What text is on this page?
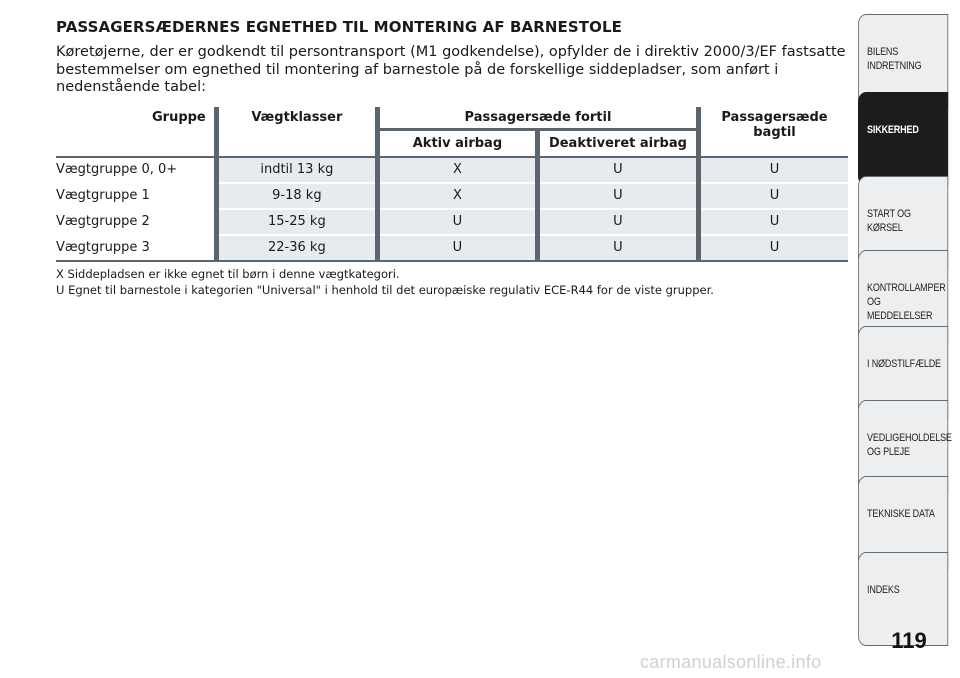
PASSAGERSÆDERNES EGNETHED TIL MONTERING AF BARNESTOLE
Køretøjerne, der er godkendt til persontransport (M1 godkendelse), opfylder de i direktiv 2000/3/EF fastsatte bestemmelser om egnethed til montering af barnestole på de forskellige siddepladser, som anført i nedenstående tabel:
Gruppe	Vægtklasser	Passagersæde fortil		Passagersæde bagtil
		Aktiv airbag	Deaktiveret airbag	

Vægtgruppe 0, 0+	indtil 13 kg	X	U	U
Vægtgruppe 1	9-18 kg	X	U	U
Vægtgruppe 2	15-25 kg	U	U	U
Vægtgruppe 3	22-36 kg	U	U	U
X Siddepladsen er ikke egnet til børn i denne vægtkategori.
U Egnet til barnestole i kategorien "Universal" i henhold til det europæiske regulativ ECE-R44 for de viste grupper.
BILENS INDRETNING
SIKKERHED
START OG KØRSEL
KONTROLLAMPER
OG MEDDELELSER
I NØDSTILFÆLDE
VEDLIGEHOLDELSE
OG PLEJE
TEKNISKE DATA
INDEKS
119
carmanualsonline.info
